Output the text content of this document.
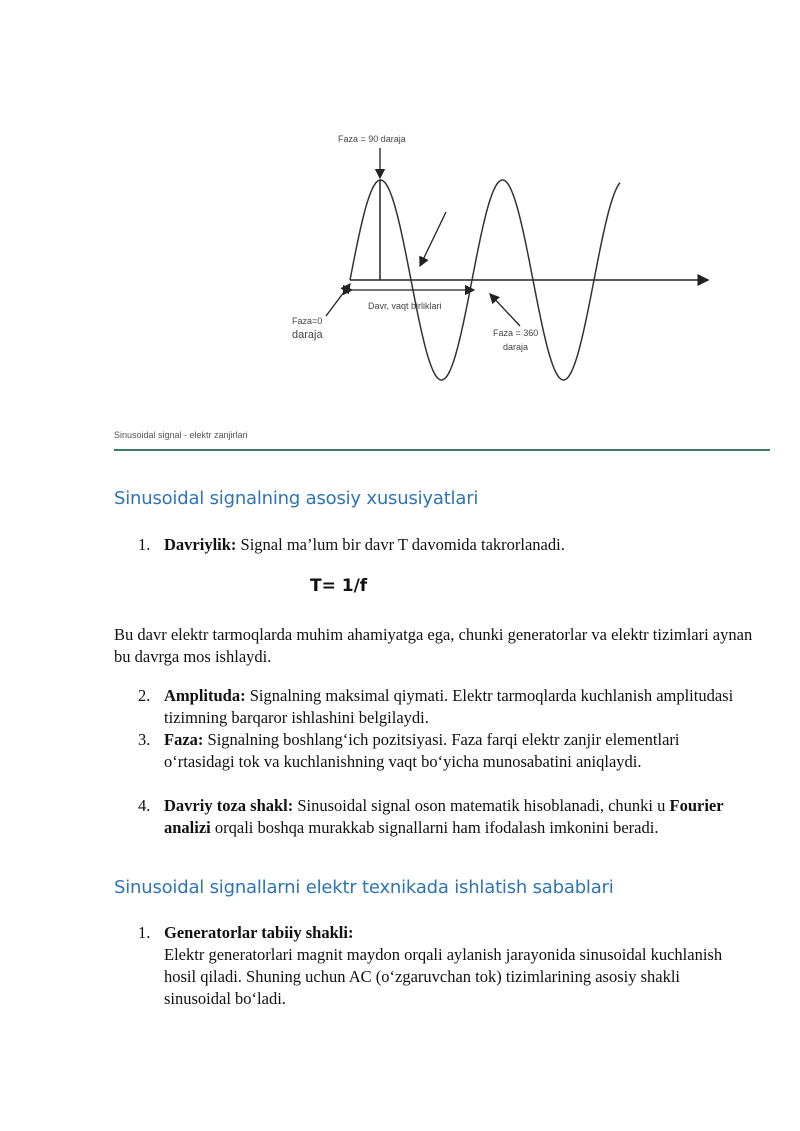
Faza = 90 daraja
Davr, vaqt birliklari
Faza=0
daraja	Faza = 360
daraja
Sinusoidal signal - elektr zanjirlari
Sinusoidal signalning asosiy xususiyatlari
1. Davriylik: Signal ma’lum bir davr T davomida takrorlanadi.
T= 1/f
Bu davr elektr tarmoqlarda muhim ahamiyatga ega, chunki generatorlar va elektr tizimlari aynan bu davrga mos ishlaydi.
2. Amplituda: Signalning maksimal qiymati. Elektr tarmoqlarda kuchlanish amplitudasi tizimning barqaror ishlashini belgilaydi.
3. Faza: Signalning boshlang‘ich pozitsiyasi. Faza farqi elektr zanjir elementlari o‘rtasidagi tok va kuchlanishning vaqt bo‘yicha munosabatini aniqlaydi.
4. Davriy toza shakl: Sinusoidal signal oson matematik hisoblanadi, chunki u Fourier analizi orqali boshqa murakkab signallarni ham ifodalash imkonini beradi.
Sinusoidal signallarni elektr texnikada ishlatish sabablari
1. Generatorlar tabiiy shakli:
Elektr generatorlari magnit maydon orqali aylanish jarayonida sinusoidal kuchlanish hosil qiladi. Shuning uchun AC (o‘zgaruvchan tok) tizimlarining asosiy shakli sinusoidal bo‘ladi.
